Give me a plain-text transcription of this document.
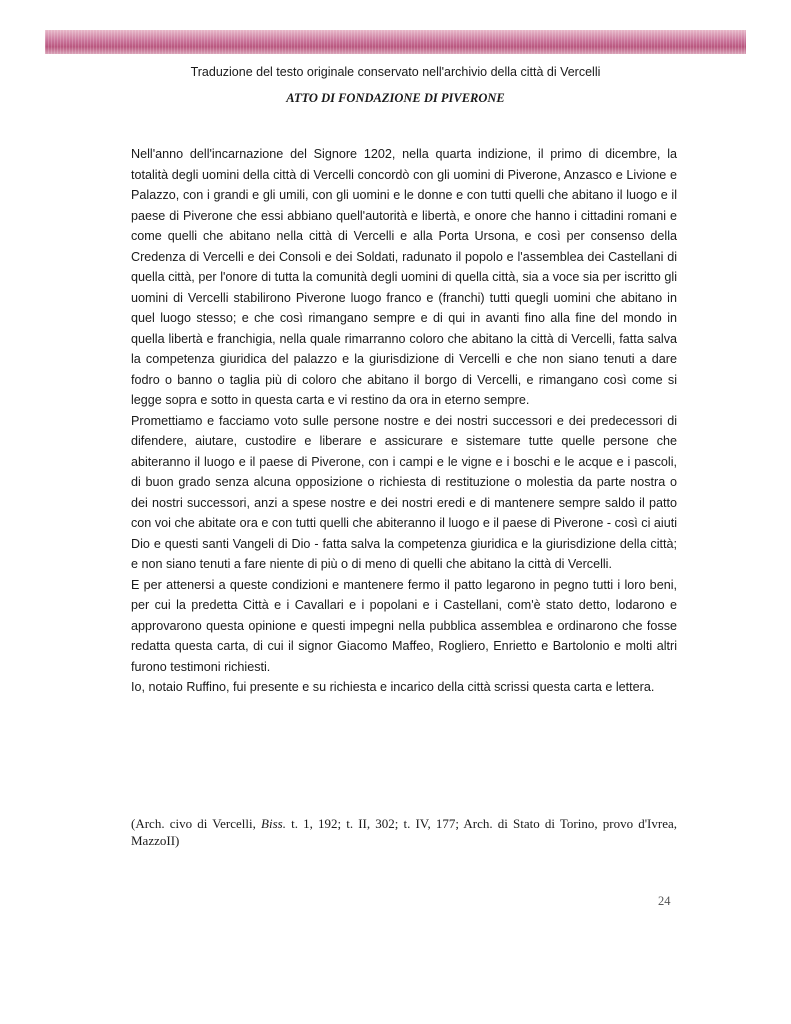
Traduzione del testo originale conservato nell'archivio della città di Vercelli
ATTO DI FONDAZIONE DI PIVERONE

Nell'anno dell'incarnazione del Signore 1202, nella quarta indizione, il primo di dicembre, la totalità degli uomini della città di Vercelli concordò con gli uomini di Piverone, Anzasco e Livione e Palazzo, con i grandi e gli umili, con gli uomini e le donne e con tutti quelli che abitano il luogo e il paese di Piverone che essi abbiano quell'autorità e libertà, e onore che hanno i cittadini romani e come quelli che abitano nella città di Vercelli e alla Porta Ursona, e così per consenso della Credenza di Vercelli e dei Consoli e dei Soldati, radunato il popolo e l'assemblea dei Castellani di quella città, per l'onore di tutta la comunità degli uomini di quella città, sia a voce sia per iscritto gli uomini di Vercelli stabilirono Piverone luogo franco e (franchi) tutti quegli uomini che abitano in quel luogo stesso; e che così rimangano sempre e di qui in avanti fino alla fine del mondo in quella libertà e franchigia, nella quale rimarranno coloro che abitano la città di Vercelli, fatta salva la competenza giuridica del palazzo e la giurisdizione di Vercelli e che non siano tenuti a dare fodro o banno o taglia più di coloro che abitano il borgo di Vercelli, e rimangano così come si legge sopra e sotto in questa carta e vi restino da ora in eterno sempre.

Promettiamo e facciamo voto sulle persone nostre e dei nostri successori e dei predecessori di difendere, aiutare, custodire e liberare e assicurare e sistemare tutte quelle persone che abiteranno il luogo e il paese di Piverone, con i campi e le vigne e i boschi e le acque e i pascoli, di buon grado senza alcuna opposizione o richiesta di restituzione o molestia da parte nostra o dei nostri successori, anzi a spese nostre e dei nostri eredi e di mantenere sempre saldo il patto con voi che abitate ora e con tutti quelli che abiteranno il luogo e il paese di Piverone - così ci aiuti Dio e questi santi Vangeli di Dio - fatta salva la competenza giuridica e la giurisdizione della città; e non siano tenuti a fare niente di più o di meno di quelli che abitano la città di Vercelli.

E per attenersi a queste condizioni e mantenere fermo il patto legarono in pegno tutti i loro beni, per cui la predetta Città e i Cavallari e i popolani e i Castellani, com'è stato detto, lodarono e approvarono questa opinione e questi impegni nella pubblica assemblea e ordinarono che fosse redatta questa carta, di cui il signor Giacomo Maffeo, Rogliero, Enrietto e Bartolonio e molti altri furono testimoni richiesti.

Io, notaio Ruffino, fui presente e su richiesta e incarico della città scrissi questa carta e lettera.

(Arch. civo di Vercelli, Biss. t. 1, 192; t. II, 302; t. IV, 177; Arch. di Stato di Torino, provo d'Ivrea, MazzoII)
24
